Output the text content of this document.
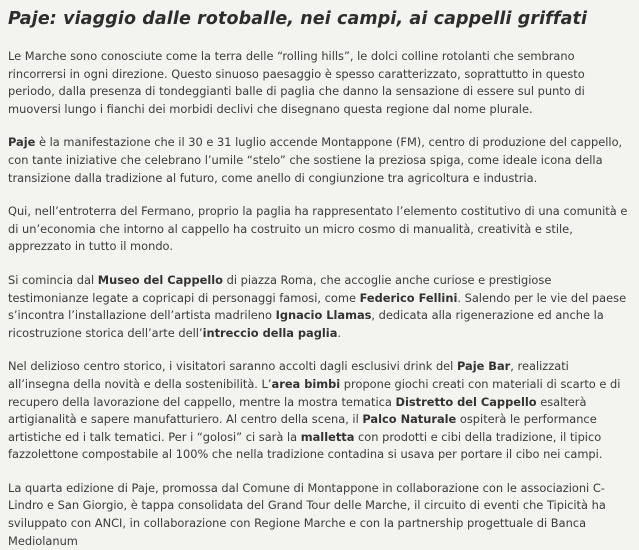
Paje: viaggio dalle rotoballe, nei campi, ai cappelli griffati

Le Marche sono conosciute come la terra delle “rolling hills”, le dolci colline rotolanti che sembrano rincorrersi in ogni direzione. Questo sinuoso paesaggio è spesso caratterizzato, soprattutto in questo periodo, dalla presenza di tondeggianti balle di paglia che danno la sensazione di essere sul punto di muoversi lungo i fianchi dei morbidi declivi che disegnano questa regione dal nome plurale.

Paje è la manifestazione che il 30 e 31 luglio accende Montappone (FM), centro di produzione del cappello, con tante iniziative che celebrano l’umile “stelo” che sostiene la preziosa spiga, come ideale icona della transizione dalla tradizione al futuro, come anello di congiunzione tra agricoltura e industria.

Qui, nell’entroterra del Fermano, proprio la paglia ha rappresentato l’elemento costitutivo di una comunità e di un’economia che intorno al cappello ha costruito un micro cosmo di manualità, creatività e stile, apprezzato in tutto il mondo.

Si comincia dal Museo del Cappello di piazza Roma, che accoglie anche curiose e prestigiose testimonianze legate a copricapi di personaggi famosi, come Federico Fellini. Salendo per le vie del paese s’incontra l’installazione dell’artista madrileno Ignacio Llamas, dedicata alla rigenerazione ed anche la ricostruzione storica dell’arte dell’intreccio della paglia.

Nel delizioso centro storico, i visitatori saranno accolti dagli esclusivi drink del Paje Bar, realizzati all’insegna della novità e della sostenibilità. L’area bimbi propone giochi creati con materiali di scarto e di recupero della lavorazione del cappello, mentre la mostra tematica Distretto del Cappello esalterà artigianalità e sapere manufatturiero. Al centro della scena, il Palco Naturale ospiterà le performance artistiche ed i talk tematici. Per i “golosi” ci sarà la malletta con prodotti e cibi della tradizione, il tipico fazzolettone compostabile al 100% che nella tradizione contadina si usava per portare il cibo nei campi.

La quarta edizione di Paje, promossa dal Comune di Montappone in collaborazione con le associazioni C-Lindro e San Giorgio, è tappa consolidata del Grand Tour delle Marche, il circuito di eventi che Tipicità ha sviluppato con ANCI, in collaborazione con Regione Marche e con la partnership progettuale di Banca Mediolanum
